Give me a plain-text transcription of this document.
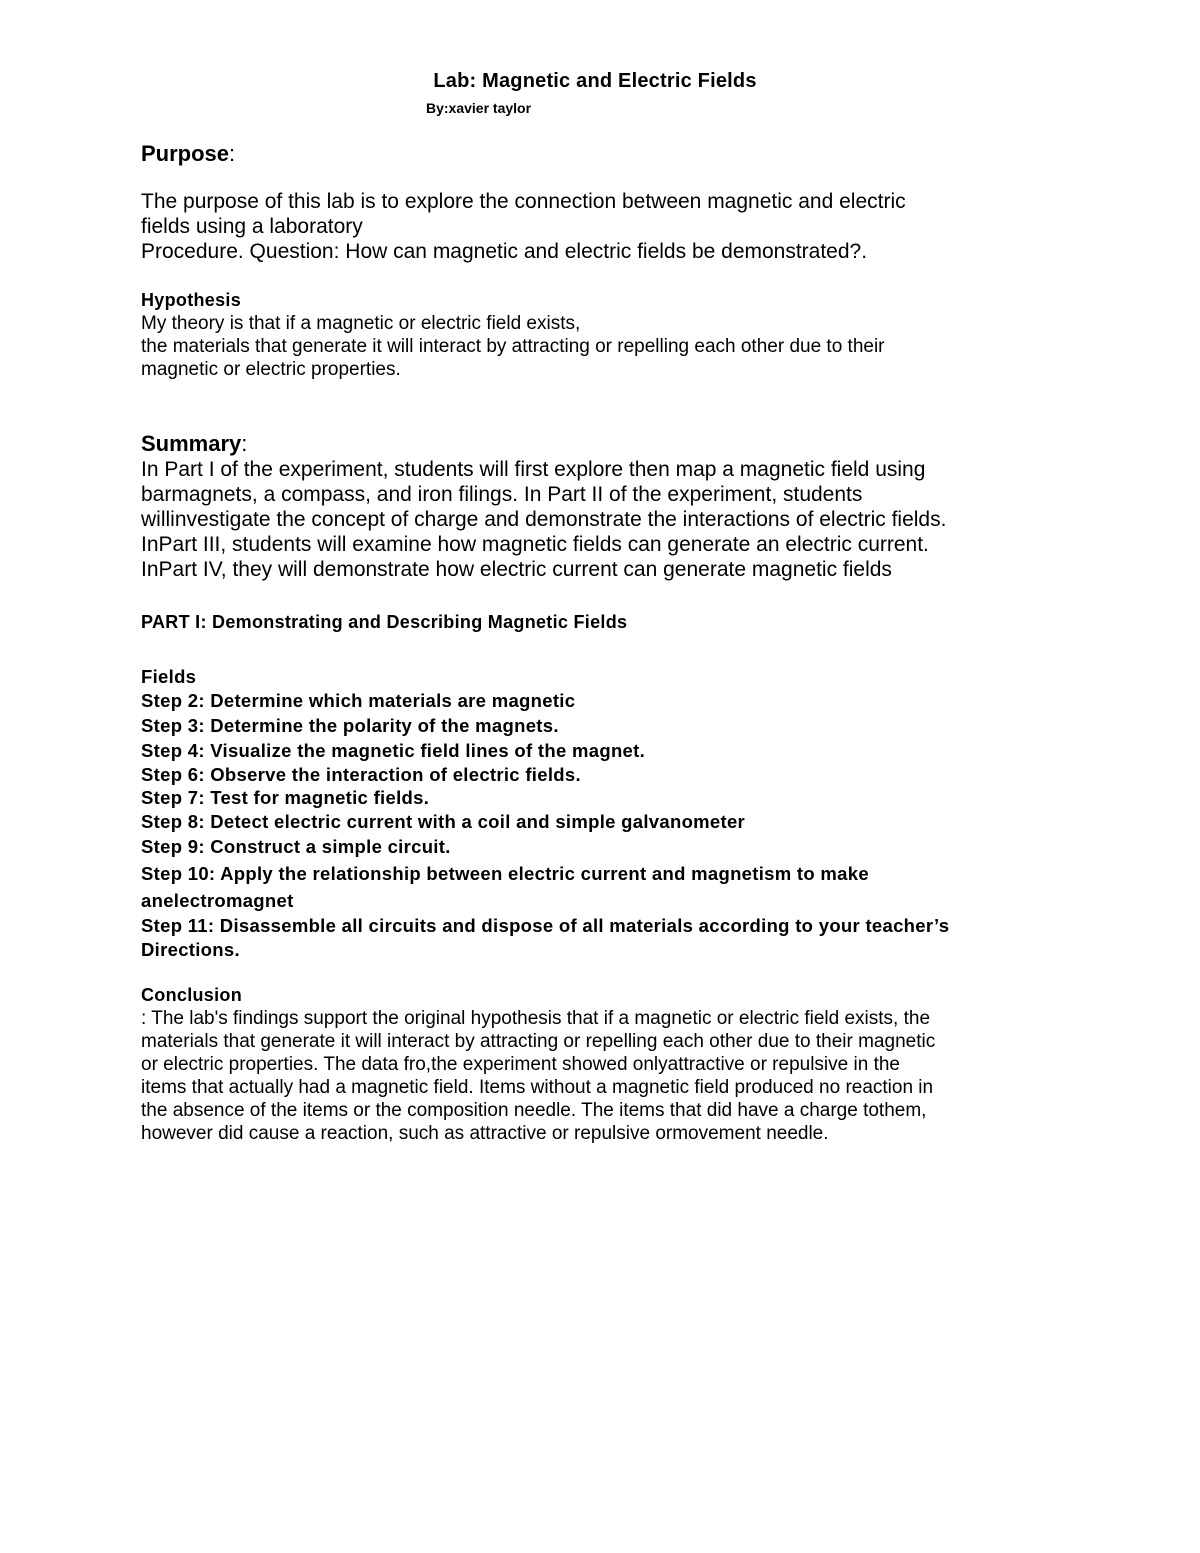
Lab: Magnetic and Electric Fields
By:xavier taylor
Purpose:
The purpose of this lab is to explore the connection between magnetic and electric
fields using a laboratory
Procedure. Question: How can magnetic and electric fields be demonstrated?.
Hypothesis
My theory is that if a magnetic or electric field exists,
the materials that generate it will interact by attracting or repelling each other due to their
magnetic or electric properties.
Summary:
In Part I of the experiment, students will first explore then map a magnetic field using
barmagnets, a compass, and iron filings. In Part II of the experiment, students
willinvestigate the concept of charge and demonstrate the interactions of electric fields.
InPart III, students will examine how magnetic fields can generate an electric current.
InPart IV, they will demonstrate how electric current can generate magnetic fields
PART I: Demonstrating and Describing Magnetic Fields
Fields
Step 2: Determine which materials are magnetic
Step 3: Determine the polarity of the magnets.
Step 4: Visualize the magnetic field lines of the magnet.
Step 6: Observe the interaction of electric fields.
Step 7: Test for magnetic fields.
Step 8: Detect electric current with a coil and simple galvanometer
Step 9: Construct a simple circuit.
Step 10: Apply the relationship between electric current and magnetism to make
anelectromagnet
Step 11: Disassemble all circuits and dispose of all materials according to your teacher’s
Directions.
Conclusion
: The lab's findings support the original hypothesis that if a magnetic or electric field exists, the
materials that generate it will interact by attracting or repelling each other due to their magnetic
or electric properties. The data fro,the experiment showed onlyattractive or repulsive in the
items that actually had a magnetic field. Items without a magnetic field produced no reaction in
the absence of the items or the composition needle. The items that did have a charge tothem,
however did cause a reaction, such as attractive or repulsive ormovement needle.
